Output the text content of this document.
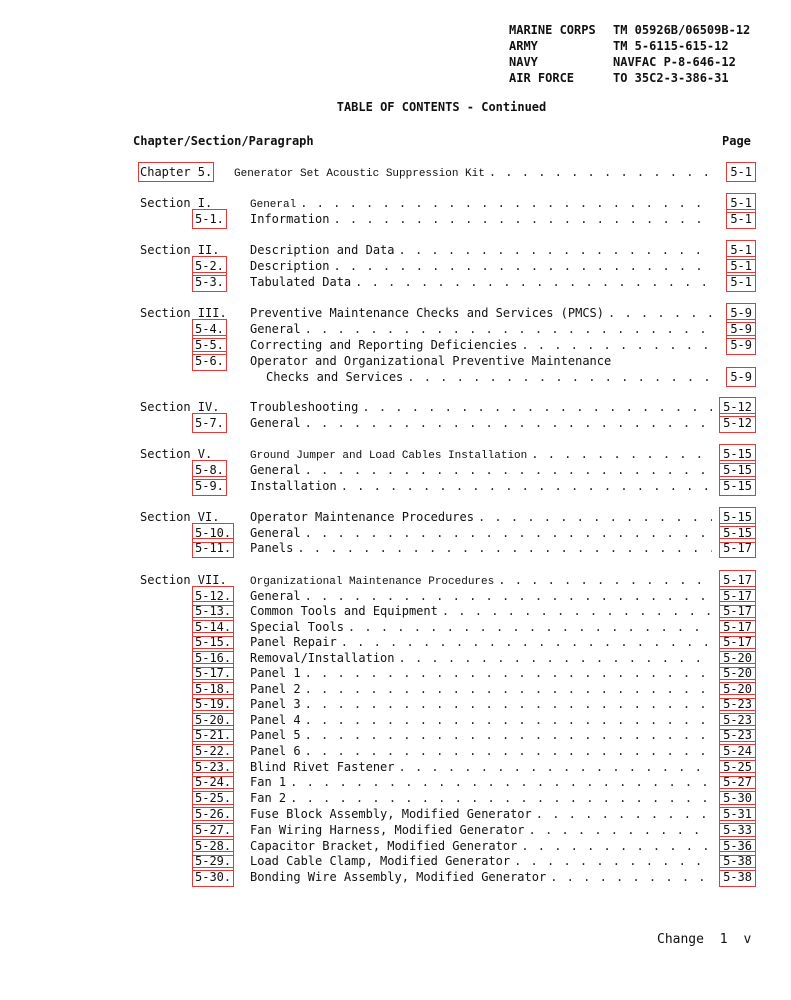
MARINE CORPS	TM 05926B/06509B-12
ARMY	TM 5-6115-615-12
NAVY	NAVFAC P-8-646-12
AIR FORCE	TO 35C2-3-386-31
TABLE OF CONTENTS - Continued
Chapter/Section/Paragraph	Page
Chapter 5. Generator Set Acoustic Suppression Kit . . .	5-1
Section I.	General . . .	5-1
5-1. Information . . .	5-1
Section II.	Description and Data . . .	5-1
5-2. Description . . .	5-1
5-3. Tabulated Data . . .	5-1
Section III. Preventive Maintenance Checks and Services (PMCS) . . .	5-9
5-4. General . . .	5-9
5-5. Correcting and Reporting Deficiencies . . .	5-9
5-6. Operator and Organizational Preventive Maintenance
Checks and Services . . .	5-9
Section IV.	Troubleshooting . . .	5-12
5-7. General . . .	5-12
Section V.	Ground Jumper and Load Cables Installation . . .	5-15
5-8. General . . .	5-15
5-9. Installation . . .	5-15
Section VI.	Operator Maintenance Procedures . . .	5-15
5-10. General . . .	5-15
5-11. Panels . . .	5-17
Section VII. Organizational Maintenance Procedures . . .	5-17
5-12. General . . .	5-17
5-13. Common Tools and Equipment . . .	5-17
5-14. Special Tools . . .	5-17
5-15. Panel Repair . . .	5-17
5-16. Removal/Installation . . .	5-20
5-17. Panel 1 . . .	5-20
5-18. Panel 2 . . .	5-20
5-19. Panel 3 . . .	5-23
5-20. Panel 4 . . .	5-23
5-21. Panel 5 . . .	5-23
5-22. Panel 6 . . .	5-24
5-23. Blind Rivet Fastener . . .	5-25
5-24. Fan 1 . . .	5-27
5-25. Fan 2 . . .	5-30
5-26. Fuse Block Assembly, Modified Generator . . .	5-31
5-27. Fan Wiring Harness, Modified Generator . . .	5-33
5-28. Capacitor Bracket, Modified Generator . . .	5-36
5-29. Load Cable Clamp, Modified Generator . . .	5-38
5-30. Bonding Wire Assembly, Modified Generator . . .	5-38
Change 1 v
